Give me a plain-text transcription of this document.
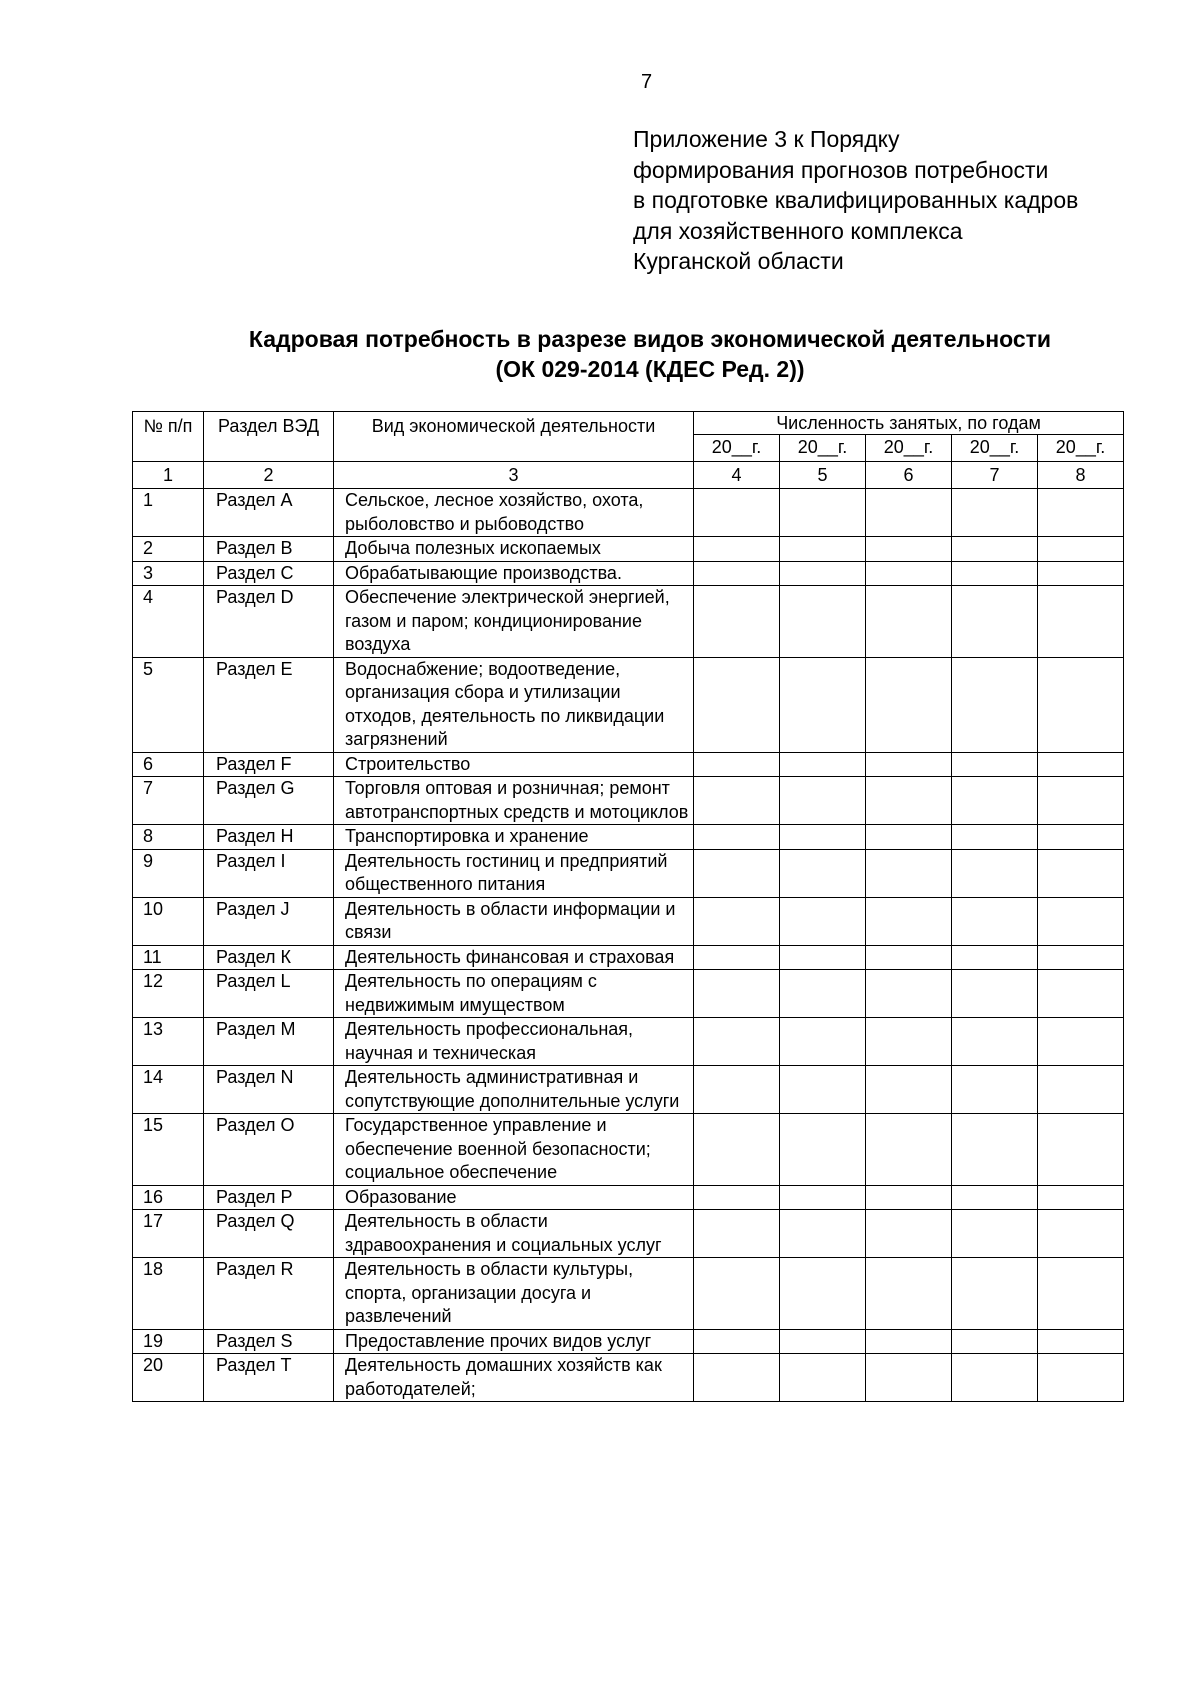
7
Приложение 3 к Порядку
формирования прогнозов потребности
в подготовке квалифицированных кадров
для хозяйственного комплекса
Курганской области
Кадровая потребность в разрезе видов экономической деятельности
(ОК 029-2014 (КДЕС Ред. 2))
№ п/п	Раздел ВЭД	Вид экономической деятельности	Численность занятых, по годам				
			20__г.	20__г.	20__г.	20__г.	20__г.
1	2	3	4	5	6	7	8
1	Раздел А	Сельское, лесное хозяйство, охота, рыболовство и рыбоводство					
2	Раздел В	Добыча полезных ископаемых					
3	Раздел С	Обрабатывающие производства.					
4	Раздел D	Обеспечение электрической энергией, газом и паром; кондиционирование воздуха					
5	Раздел Е	Водоснабжение; водоотведение, организация сбора и утилизации отходов, деятельность по ликвидации загрязнений					
6	Раздел F	Строительство					
7	Раздел G	Торговля оптовая и розничная; ремонт автотранспортных средств и мотоциклов					
8	Раздел Н	Транспортировка и хранение					
9	Раздел I	Деятельность гостиниц и предприятий общественного питания					
10	Раздел J	Деятельность в области информации и связи					
11	Раздел К	Деятельность финансовая и страховая					
12	Раздел L	Деятельность по операциям с недвижимым имуществом					
13	Раздел М	Деятельность профессиональная, научная и техническая					
14	Раздел N	Деятельность административная и сопутствующие дополнительные услуги					
15	Раздел О	Государственное управление и обеспечение военной безопасности; социальное обеспечение					
16	Раздел Р	Образование					
17	Раздел Q	Деятельность в области здравоохранения и социальных услуг					
18	Раздел R	Деятельность в области культуры, спорта, организации досуга и развлечений					
19	Раздел S	Предоставление прочих видов услуг					
20	Раздел Т	Деятельность домашних хозяйств как работодателей;					
